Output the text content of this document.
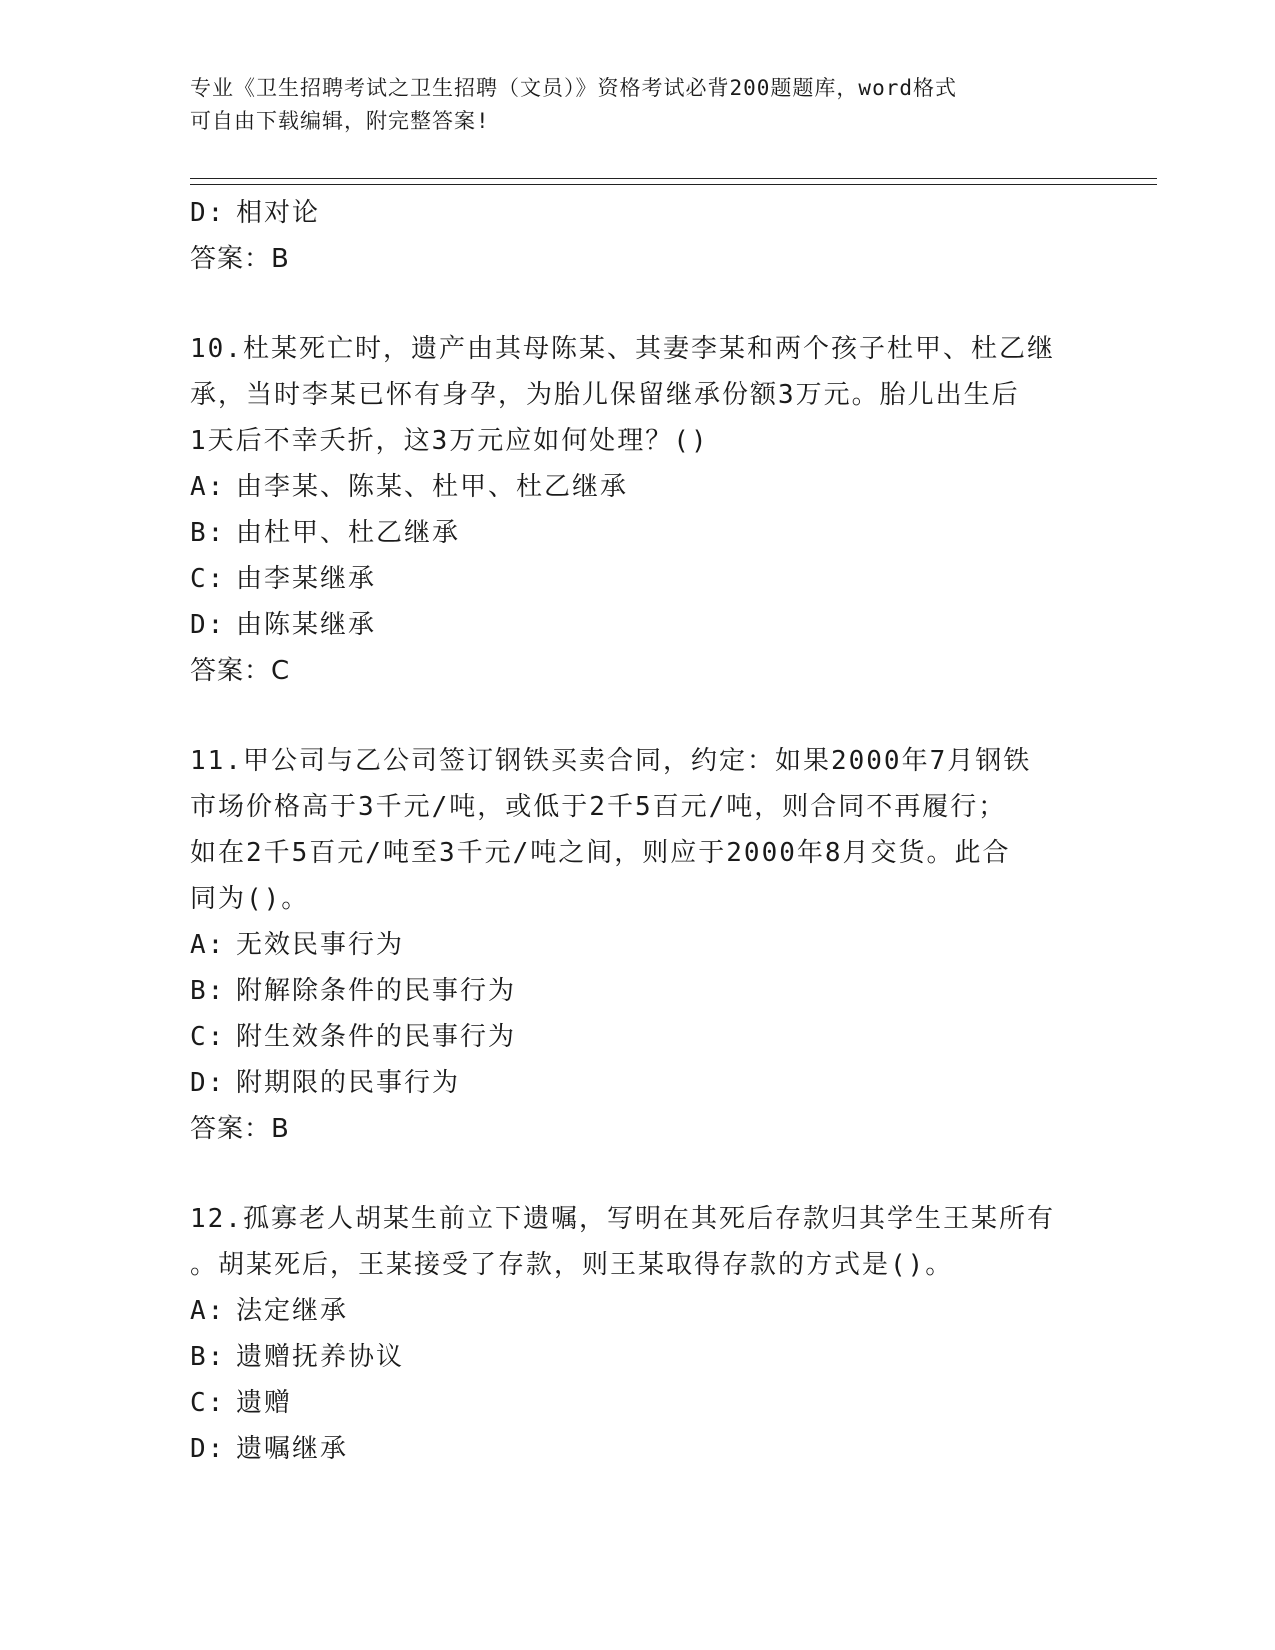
专业《卫生招聘考试之卫生招聘（文员）》资格考试必背200题题库，word格式
可自由下载编辑，附完整答案!
D: 相对论
答案：B
10.杜某死亡时，遗产由其母陈某、其妻李某和两个孩子杜甲、杜乙继
承，当时李某已怀有身孕，为胎儿保留继承份额3万元。胎儿出生后
1天后不幸夭折，这3万元应如何处理？()
A: 由李某、陈某、杜甲、杜乙继承
B: 由杜甲、杜乙继承
C: 由李某继承
D: 由陈某继承
答案：C
11.甲公司与乙公司签订钢铁买卖合同，约定：如果2000年7月钢铁
市场价格高于3千元/吨，或低于2千5百元/吨，则合同不再履行；
如在2千5百元/吨至3千元/吨之间，则应于2000年8月交货。此合
同为()。
A: 无效民事行为
B: 附解除条件的民事行为
C: 附生效条件的民事行为
D: 附期限的民事行为
答案：B
12.孤寡老人胡某生前立下遗嘱，写明在其死后存款归其学生王某所有
。胡某死后，王某接受了存款，则王某取得存款的方式是()。
A: 法定继承
B: 遗赠抚养协议
C: 遗赠
D: 遗嘱继承
